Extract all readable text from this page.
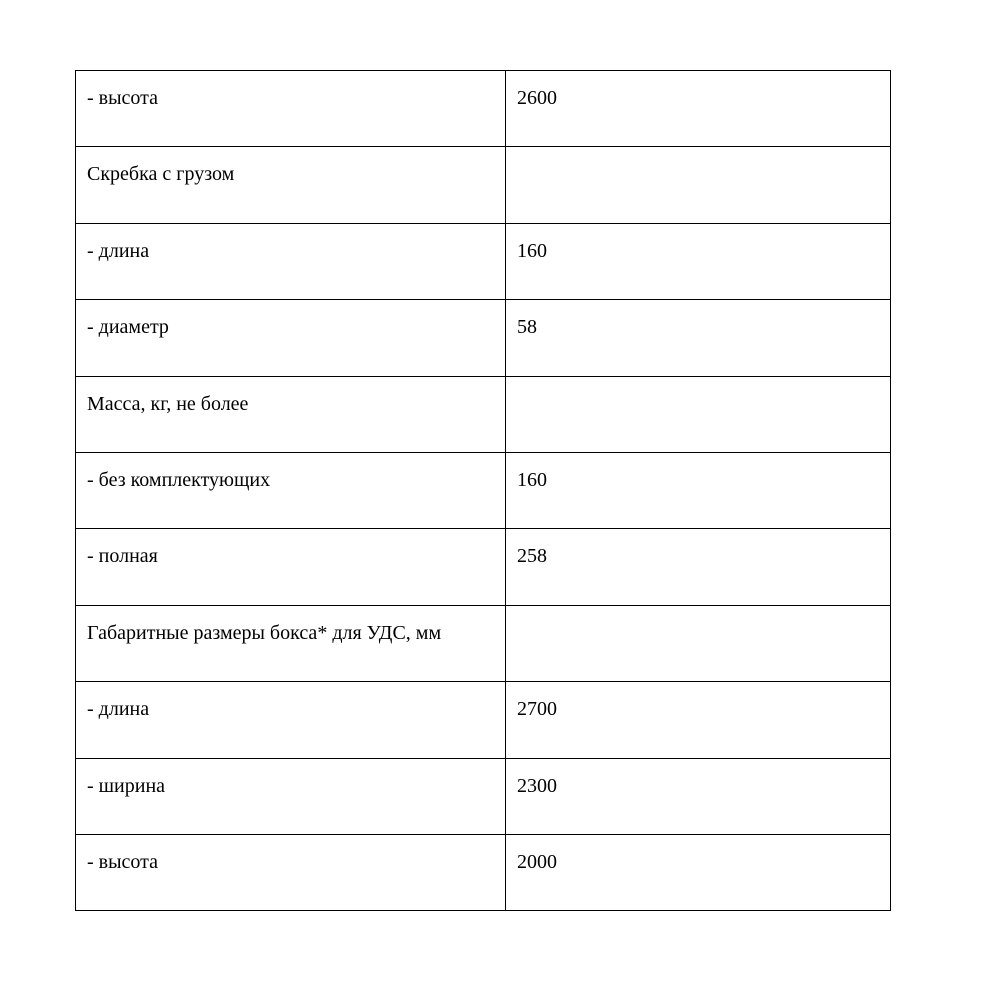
- высота	2600
Скребка с грузом	
- длина	160
- диаметр	58
Масса, кг, не более	
- без комплектующих	160
- полная	258
Габаритные размеры бокса* для УДС, мм	
- длина	2700
- ширина	2300
- высота	2000
